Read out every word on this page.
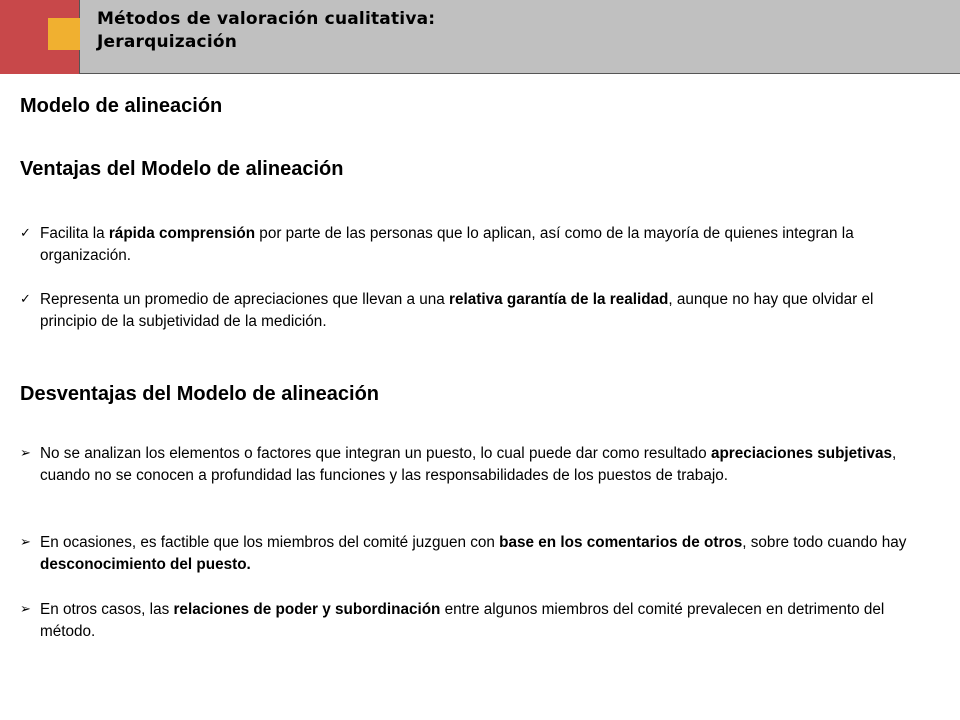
Métodos de valoración cualitativa:
Jerarquización
Modelo de alineación
Ventajas del Modelo de alineación
✓ Facilita la rápida comprensión por parte de las personas que lo aplican, así como de la mayoría de quienes integran la organización.
✓ Representa un promedio de apreciaciones que llevan a una relativa garantía de la realidad, aunque no hay que olvidar el principio de la subjetividad de la medición.
Desventajas del Modelo de alineación
➢ No se analizan los elementos o factores que integran un puesto, lo cual puede dar como resultado apreciaciones subjetivas, cuando no se conocen a profundidad las funciones y las responsabilidades de los puestos de trabajo.
➢ En ocasiones, es factible que los miembros del comité juzguen con base en los comentarios de otros, sobre todo cuando hay desconocimiento del puesto.
➢ En otros casos, las relaciones de poder y subordinación entre algunos miembros del comité prevalecen en detrimento del método.
